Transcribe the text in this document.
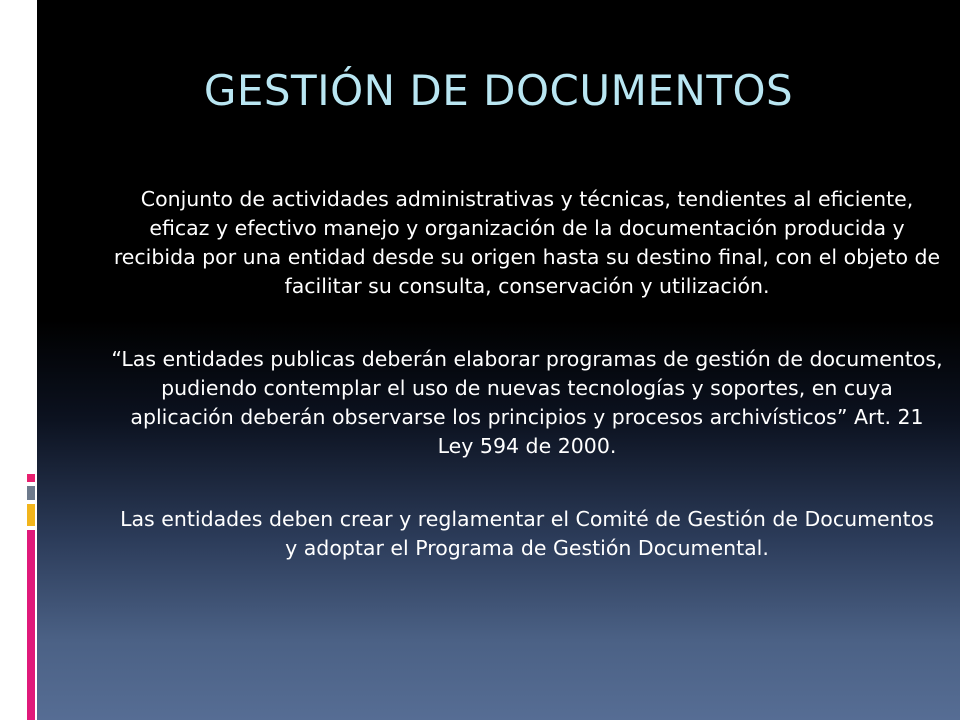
GESTIÓN DE DOCUMENTOS

Conjunto de actividades administrativas y técnicas, tendientes al eficiente, eficaz y efectivo manejo y organización de la documentación producida y recibida por una entidad desde su origen hasta su destino final, con el objeto de facilitar su consulta, conservación y utilización.

“Las entidades publicas deberán elaborar programas de gestión de documentos, pudiendo contemplar el uso de nuevas tecnologías y soportes, en cuya aplicación deberán observarse los principios y procesos archivísticos” Art. 21 Ley 594 de 2000.

Las entidades deben crear y reglamentar el Comité de Gestión de Documentos y adoptar el Programa de Gestión Documental.
